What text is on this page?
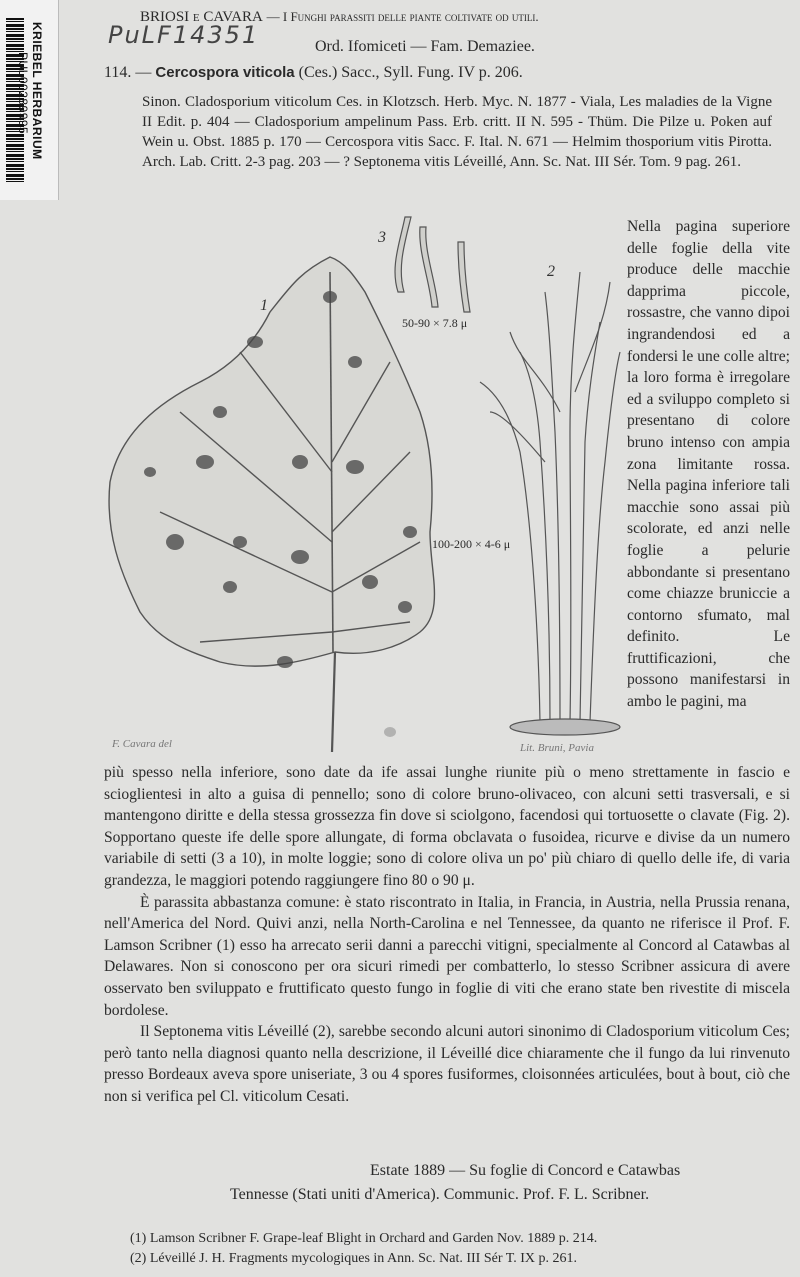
KRIEBEL HERBARIUM
PUL00289995
BRIOSI e CAVARA — I Funghi parassiti delle piante coltivate od utili.
PuLF14351	Ord. Ifomiceti — Fam. Demaziee.
114. — Cercospora viticola (Ces.) Sacc., Syll. Fung. IV p. 206.
Sinon. Cladosporium viticolum Ces. in Klotzsch. Herb. Myc. N. 1877 - Viala, Les maladies de la Vigne II Edit. p. 404 — Cladosporium ampelinum Pass. Erb. critt. II N. 595 - Thüm. Die Pilze u. Poken auf Wein u. Obst. 1885 p. 170 — Cercospora vitis Sacc. F. Ital. N. 671 — Helmim thosporium vitis Pirotta. Arch. Lab. Critt. 2-3 pag. 203 — ? Septonema vitis Léveillé, Ann. Sc. Nat. III Sér. Tom. 9 pag. 261.
1
2
3
50-90 × 7.8 μ
100-200 × 4-6 μ
F. Cavara del	Lit. Bruni, Pavia
Nella pagina superiore delle foglie della vite produce delle macchie dapprima piccole, rossastre, che vanno dipoi ingrandendosi ed a fondersi le une colle altre; la loro forma è irregolare ed a sviluppo completo si presentano di colore bruno intenso con ampia zona limitante rossa. Nella pagina inferiore tali macchie sono assai più scolorate, ed anzi nelle foglie a pelurie abbondante si presentano come chiazze bruniccie a contorno sfumato, mal definito. Le fruttificazioni, che possono manifestarsi in ambo le pagini, ma

più spesso nella inferiore, sono date da ife assai lunghe riunite più o meno strettamente in fascio e scioglientesi in alto a guisa di pennello; sono di colore bruno-olivaceo, con alcuni setti trasversali, e si mantengono diritte e della stessa grossezza fin dove si sciolgono, facendosi qui tortuosette o clavate (Fig. 2). Sopportano queste ife delle spore allungate, di forma obclavata o fusoidea, ricurve e divise da un numero variabile di setti (3 a 10), in molte loggie; sono di colore oliva un po' più chiaro di quello delle ife, di varia grandezza, le maggiori potendo raggiungere fino 80 o 90 μ.

È parassita abbastanza comune: è stato riscontrato in Italia, in Francia, in Austria, nella Prussia renana, nell'America del Nord. Quivi anzi, nella North-Carolina e nel Tennessee, da quanto ne riferisce il Prof. F. Lamson Scribner (1) esso ha arrecato serii danni a parecchi vitigni, specialmente al Concord al Catawbas al Delawares. Non si conoscono per ora sicuri rimedi per combatterlo, lo stesso Scribner assicura di avere osservato ben sviluppato e fruttificato questo fungo in foglie di viti che erano state ben rivestite di miscela bordolese.

Il Septonema vitis Léveillé (2), sarebbe secondo alcuni autori sinonimo di Cladosporium viticolum Ces; però tanto nella diagnosi quanto nella descrizione, il Léveillé dice chiaramente che il fungo da lui rinvenuto presso Bordeaux aveva spore uniseriate, 3 ou 4 spores fusiformes, cloisonnées articulées, bout à bout, ciò che non si verifica pel Cl. viticolum Cesati.

Estate 1889 — Su foglie di Concord e Catawbas
Tennesse (Stati uniti d'America). Communic. Prof. F. L. Scribner.
(1) Lamson Scribner F. Grape-leaf Blight in Orchard and Garden Nov. 1889 p. 214.
(2) Léveillé J. H. Fragments mycologiques in Ann. Sc. Nat. III Sér T. IX p. 261.
